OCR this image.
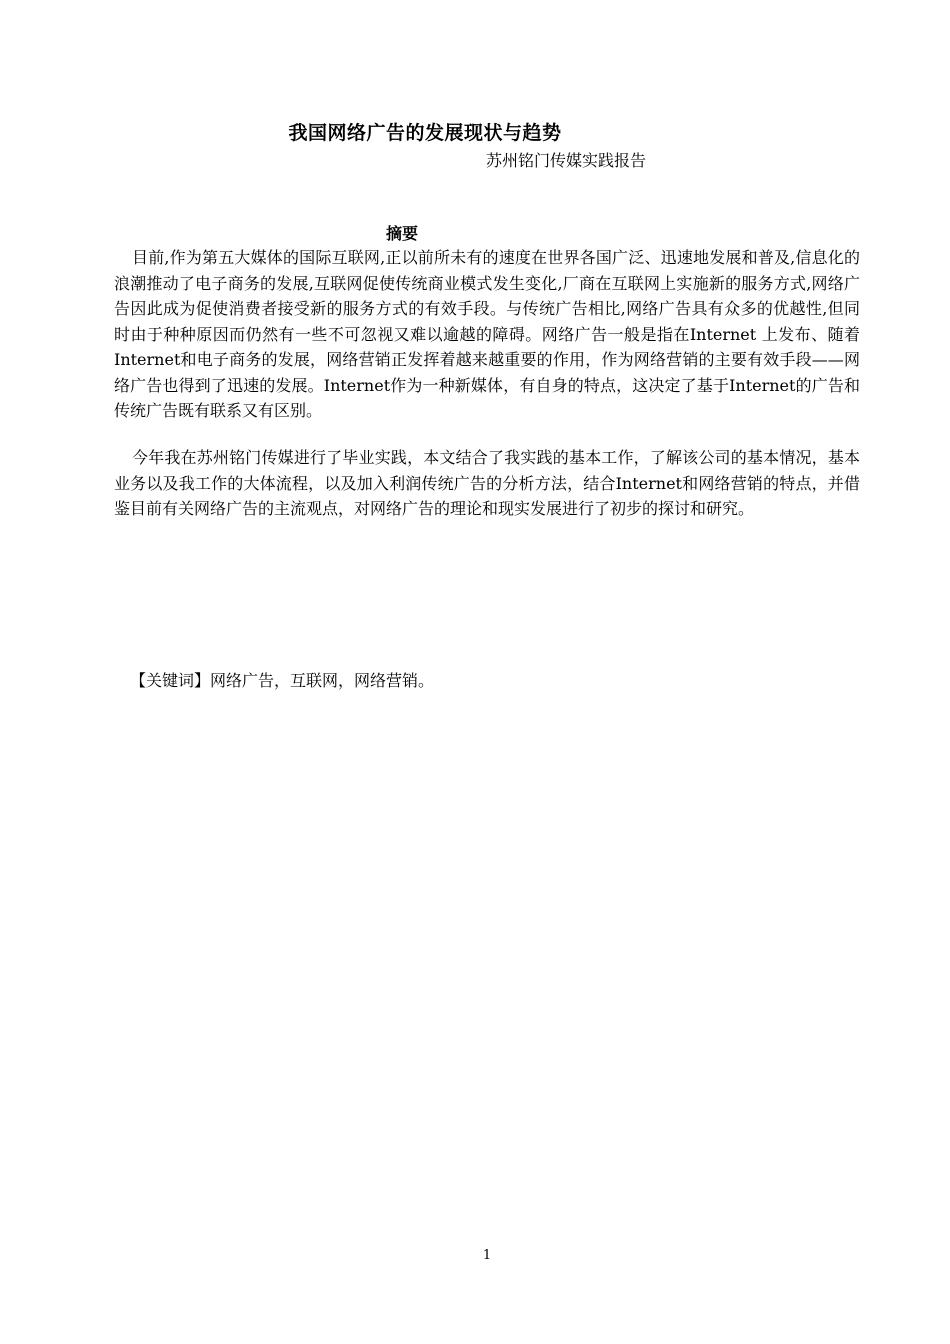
我国网络广告的发展现状与趋势
苏州铭门传媒实践报告
摘要

目前,作为第五大媒体的国际互联网,正以前所未有的速度在世界各国广泛、迅速地发展和普及,信息化的浪潮推动了电子商务的发展,互联网促使传统商业模式发生变化,厂商在互联网上实施新的服务方式,网络广告因此成为促使消费者接受新的服务方式的有效手段。与传统广告相比,网络广告具有众多的优越性,但同时由于种种原因而仍然有一些不可忽视又难以逾越的障碍。网络广告一般是指在Internet 上发布、随着Internet和电子商务的发展，网络营销正发挥着越来越重要的作用，作为网络营销的主要有效手段——网络广告也得到了迅速的发展。Internet作为一种新媒体，有自身的特点，这决定了基于Internet的广告和传统广告既有联系又有区别。

今年我在苏州铭门传媒进行了毕业实践，本文结合了我实践的基本工作，了解该公司的基本情况，基本业务以及我工作的大体流程，以及加入利润传统广告的分析方法，结合Internet和网络营销的特点，并借鉴目前有关网络广告的主流观点，对网络广告的理论和现实发展进行了初步的探讨和研究。

【关键词】网络广告，互联网，网络营销。
1
